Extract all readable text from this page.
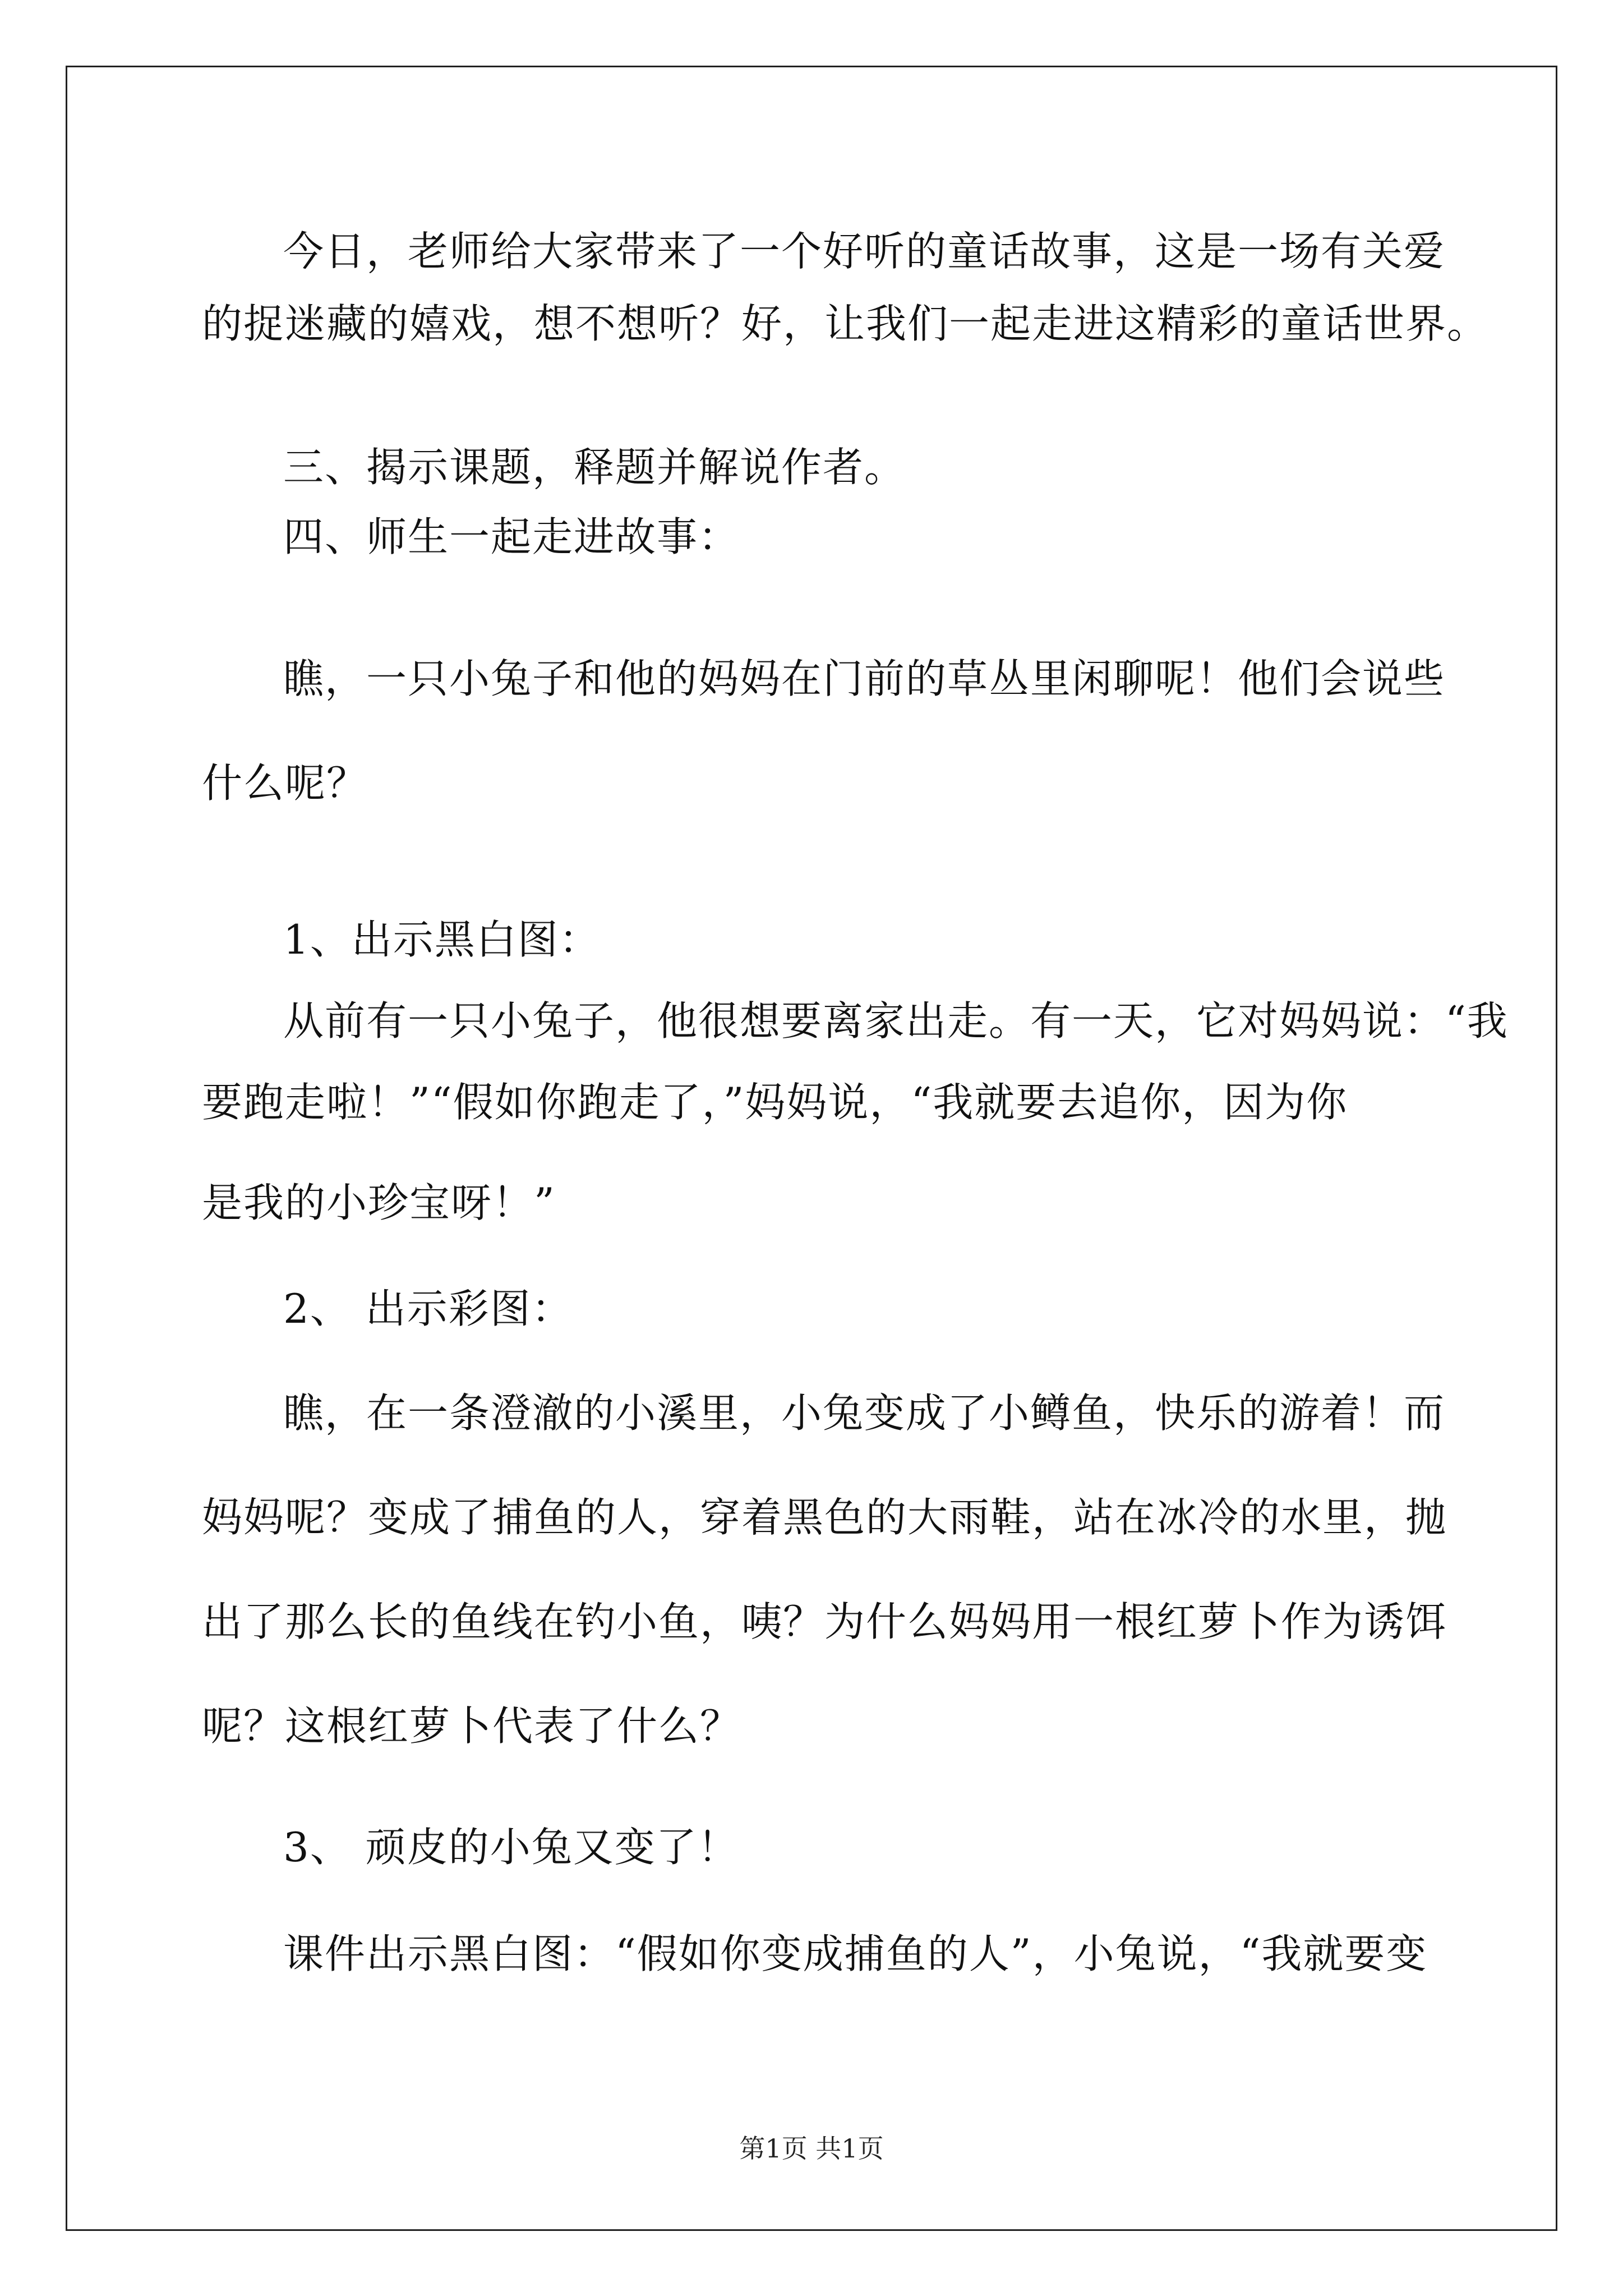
今日，老师给大家带来了一个好听的童话故事，这是一场有关爱
的捉迷藏的嬉戏，想不想听？好，让我们一起走进这精彩的童话世界。
三、揭示课题，释题并解说作者。
四、师生一起走进故事：
瞧，一只小兔子和他的妈妈在门前的草丛里闲聊呢！他们会说些
什么呢？
1、出示黑白图：
从前有一只小兔子，他很想要离家出走。有一天，它对妈妈说：“我
要跑走啦！”“假如你跑走了，”妈妈说，“我就要去追你，因为你
是我的小珍宝呀！”
2、 出示彩图：
瞧，在一条澄澈的小溪里，小兔变成了小鳟鱼，快乐的游着！而
妈妈呢？变成了捕鱼的人，穿着黑色的大雨鞋，站在冰冷的水里，抛
出了那么长的鱼线在钓小鱼，咦？为什么妈妈用一根红萝卜作为诱饵
呢？这根红萝卜代表了什么？
3、 顽皮的小兔又变了！
课件出示黑白图：“假如你变成捕鱼的人”，小兔说，“我就要变
第1页 共1页
